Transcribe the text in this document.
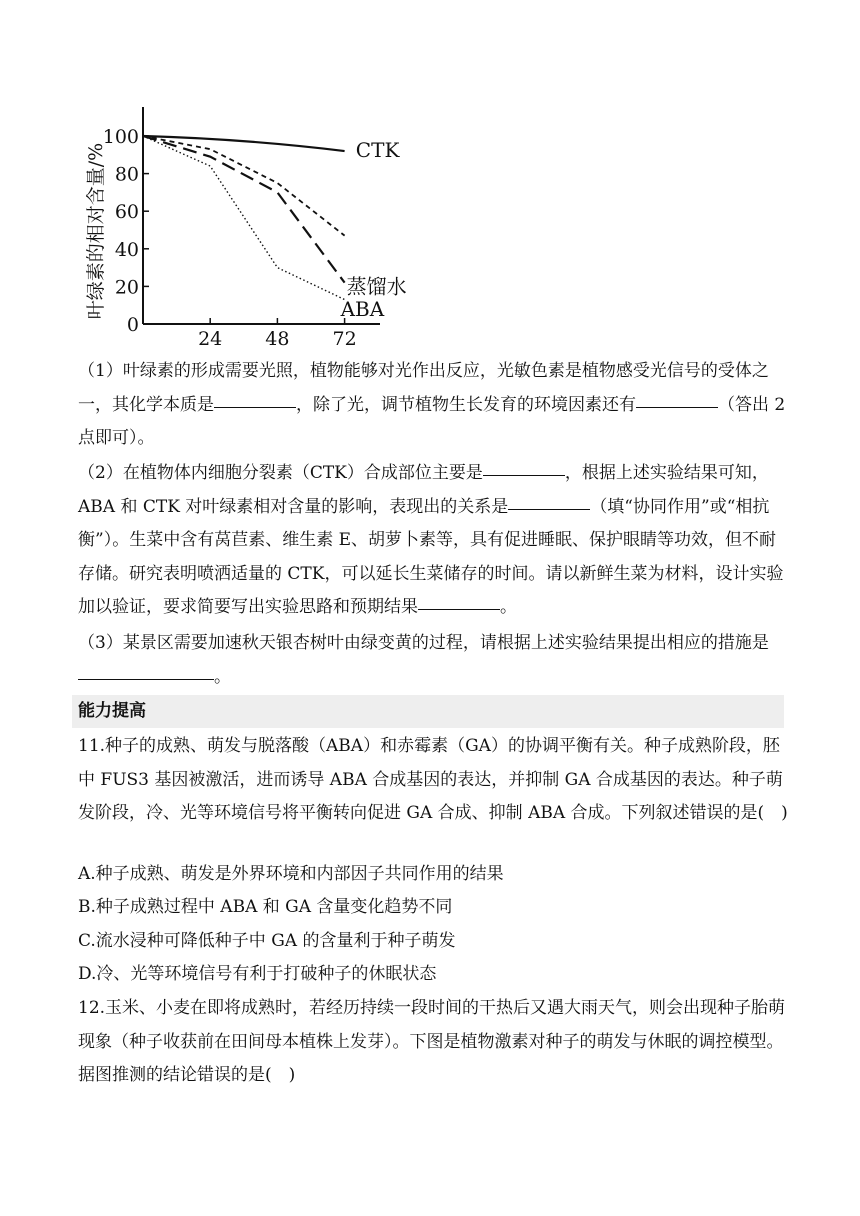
叶绿素的相对含量/%
0
20
40
60
80
100
24 48 72
CTK
蒸馏水
ABA

（1）叶绿素的形成需要光照，植物能够对光作出反应，光敏色素是植物感受光信号的受体之一，其化学本质是	，除了光，调节植物生长发育的环境因素还有	（答出 2 点即可）。

（2）在植物体内细胞分裂素（CTK）合成部位主要是	，根据上述实验结果可知，ABA 和 CTK 对叶绿素相对含量的影响，表现出的关系是	（填“协同作用”或“相抗衡”）。生菜中含有莴苣素、维生素 E、胡萝卜素等，具有促进睡眠、保护眼睛等功效，但不耐存储。研究表明喷洒适量的 CTK，可以延长生菜储存的时间。请以新鲜生菜为材料，设计实验加以验证，要求简要写出实验思路和预期结果	。

（3）某景区需要加速秋天银杏树叶由绿变黄的过程，请根据上述实验结果提出相应的措施是。

能力提高

11.种子的成熟、萌发与脱落酸（ABA）和赤霉素（GA）的协调平衡有关。种子成熟阶段，胚中 FUS3 基因被激活，进而诱导 ABA 合成基因的表达，并抑制 GA 合成基因的表达。种子萌发阶段，冷、光等环境信号将平衡转向促进 GA 合成、抑制 ABA 合成。下列叙述错误的是(　)

A.种子成熟、萌发是外界环境和内部因子共同作用的结果

B.种子成熟过程中 ABA 和 GA 含量变化趋势不同

C.流水浸种可降低种子中 GA 的含量利于种子萌发

D.冷、光等环境信号有利于打破种子的休眠状态

12.玉米、小麦在即将成熟时，若经历持续一段时间的干热后又遇大雨天气，则会出现种子胎萌现象（种子收获前在田间母本植株上发芽）。下图是植物激素对种子的萌发与休眠的调控模型。据图推测的结论错误的是(　)
